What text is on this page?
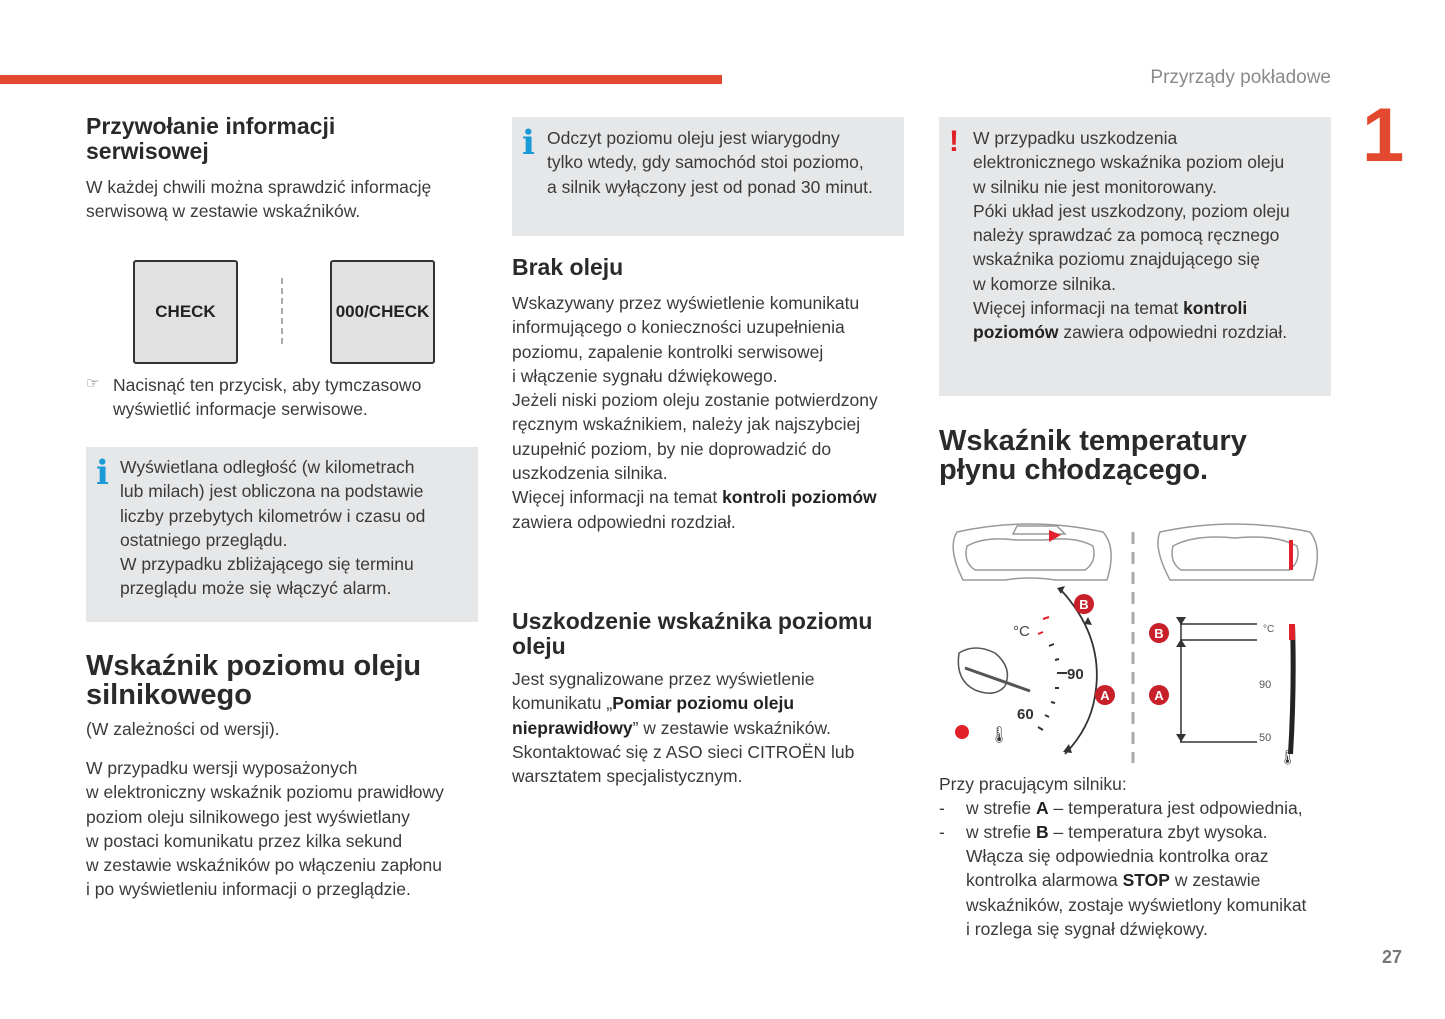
Przyrządy pokładowe
1
27
Przywołanie informacji
serwisowej
W każdej chwili można sprawdzić informację
serwisową w zestawie wskaźników.
CHECK	000/CHECK
☞ Nacisnąć ten przycisk, aby tymczasowo
wyświetlić informacje serwisowe.
i Wyświetlana odległość (w kilometrach
lub milach) jest obliczona na podstawie
liczby przebytych kilometrów i czasu od
ostatniego przeglądu.
W przypadku zbliżającego się terminu
przeglądu może się włączyć alarm.
Wskaźnik poziomu oleju
silnikowego
(W zależności od wersji).
W przypadku wersji wyposażonych
w elektroniczny wskaźnik poziomu prawidłowy
poziom oleju silnikowego jest wyświetlany
w postaci komunikatu przez kilka sekund
w zestawie wskaźników po włączeniu zapłonu
i po wyświetleniu informacji o przeglądzie.
i Odczyt poziomu oleju jest wiarygodny
tylko wtedy, gdy samochód stoi poziomo,
a silnik wyłączony jest od ponad 30 minut.
Brak oleju
Wskazywany przez wyświetlenie komunikatu
informującego o konieczności uzupełnienia
poziomu, zapalenie kontrolki serwisowej
i włączenie sygnału dźwiękowego.
Jeżeli niski poziom oleju zostanie potwierdzony
ręcznym wskaźnikiem, należy jak najszybciej
uzupełnić poziom, by nie doprowadzić do
uszkodzenia silnika.
Więcej informacji na temat kontroli poziomów
zawiera odpowiedni rozdział.
Uszkodzenie wskaźnika poziomu
oleju
Jest sygnalizowane przez wyświetlenie
komunikatu „Pomiar poziomu oleju
nieprawidłowy” w zestawie wskaźników.
Skontaktować się z ASO sieci CITROËN lub
warsztatem specjalistycznym.
! W przypadku uszkodzenia
elektronicznego wskaźnika poziom oleju
w silniku nie jest monitorowany.
Póki układ jest uszkodzony, poziom oleju
należy sprawdzać za pomocą ręcznego
wskaźnika poziomu znajdującego się
w komorze silnika.
Więcej informacji na temat kontroli
poziomów zawiera odpowiedni rozdział.
Wskaźnik temperatury
płynu chłodzącego.
°C
90
60
B
A
🌡
B
A
°C
90
50
🌡
Przy pracującym silniku:
- w strefie A – temperatura jest odpowiednia,
- w strefie B – temperatura zbyt wysoka.
Włącza się odpowiednia kontrolka oraz
kontrolka alarmowa STOP w zestawie
wskaźników, zostaje wyświetlony komunikat
i rozlega się sygnał dźwiękowy.
